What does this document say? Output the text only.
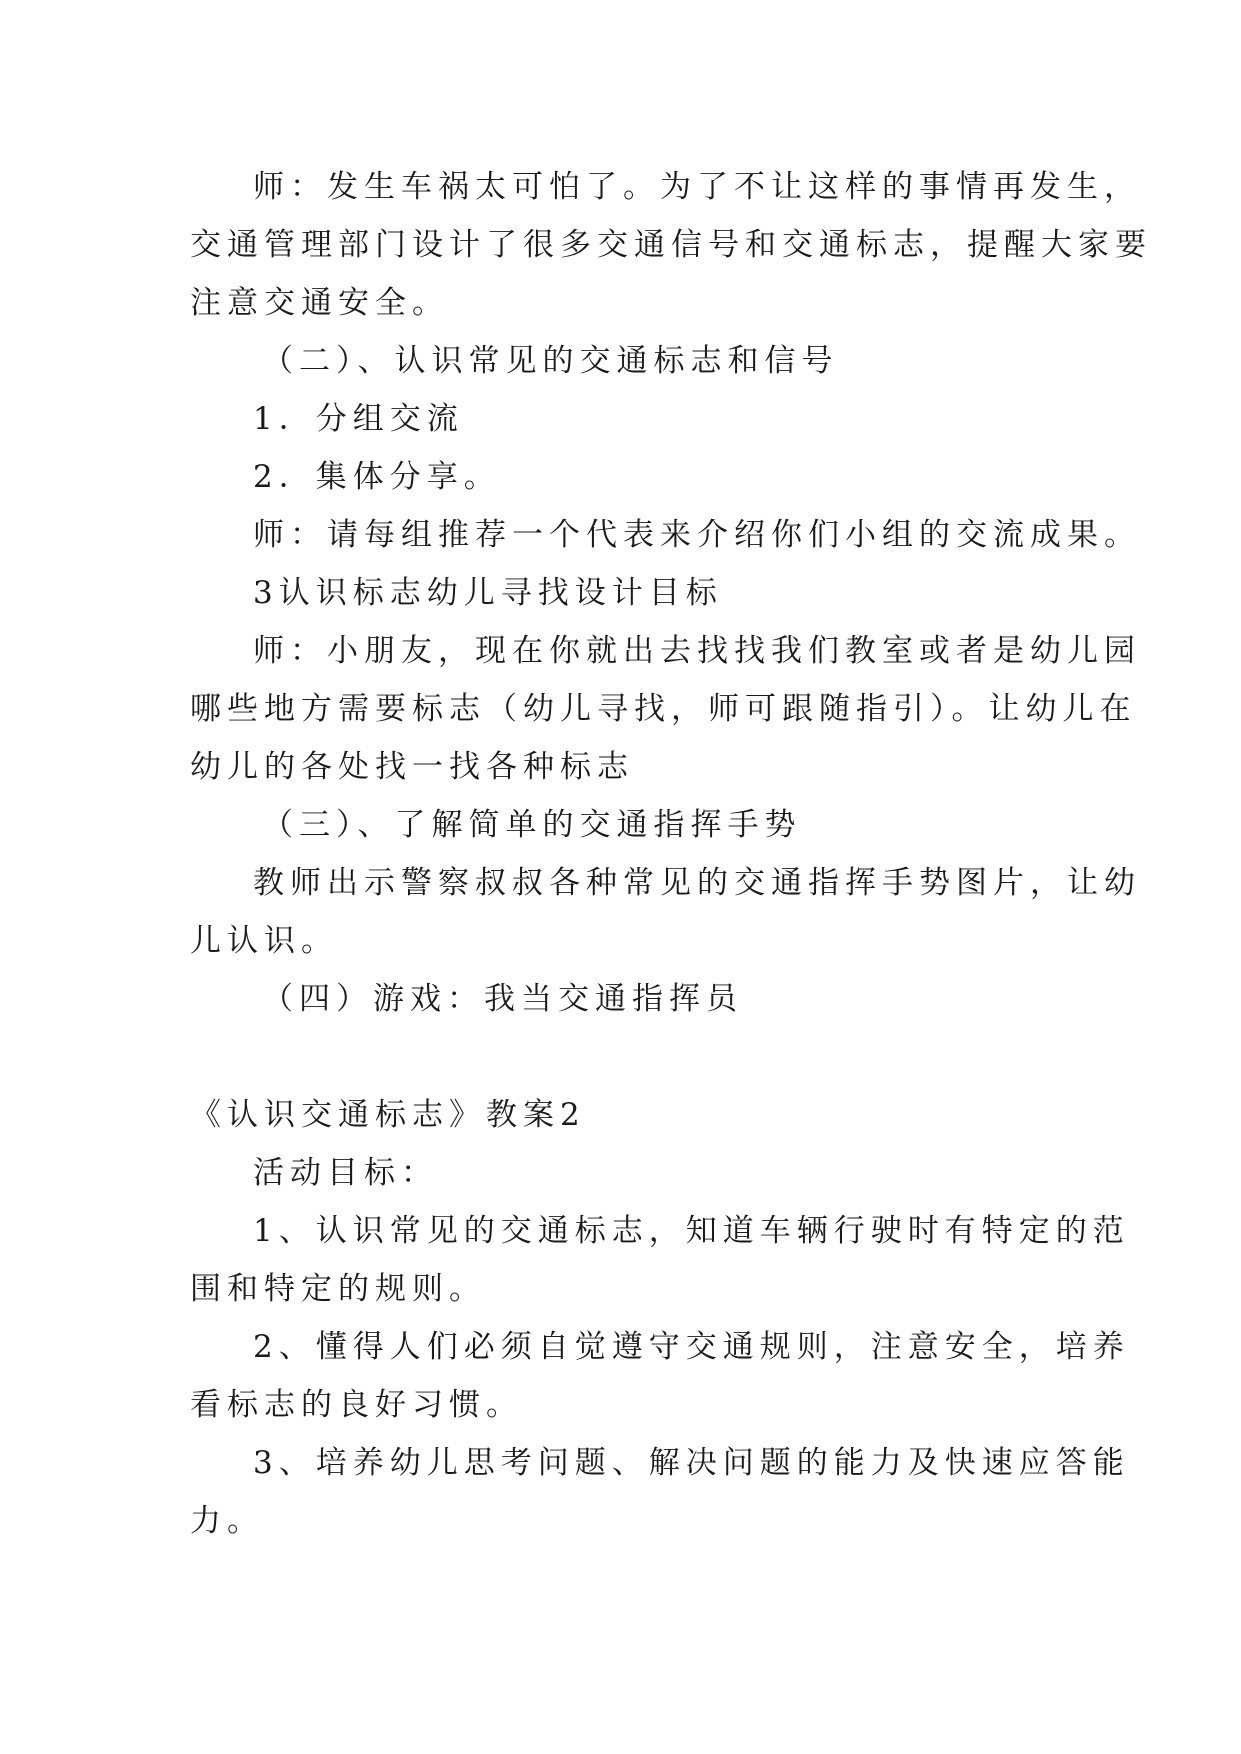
师：发生车祸太可怕了。为了不让这样的事情再发生，
交通管理部门设计了很多交通信号和交通标志，提醒大家要
注意交通安全。
（二）、认识常见的交通标志和信号
1．分组交流
2．集体分享。
师：请每组推荐一个代表来介绍你们小组的交流成果。
3认识标志幼儿寻找设计目标
师：小朋友，现在你就出去找找我们教室或者是幼儿园
哪些地方需要标志（幼儿寻找，师可跟随指引）。让幼儿在
幼儿的各处找一找各种标志
（三）、了解简单的交通指挥手势
教师出示警察叔叔各种常见的交通指挥手势图片，让幼
儿认识。
（四）游戏：我当交通指挥员
《认识交通标志》教案2
活动目标：
1、认识常见的交通标志，知道车辆行驶时有特定的范
围和特定的规则。
2、懂得人们必须自觉遵守交通规则，注意安全，培养
看标志的良好习惯。
3、培养幼儿思考问题、解决问题的能力及快速应答能
力。
